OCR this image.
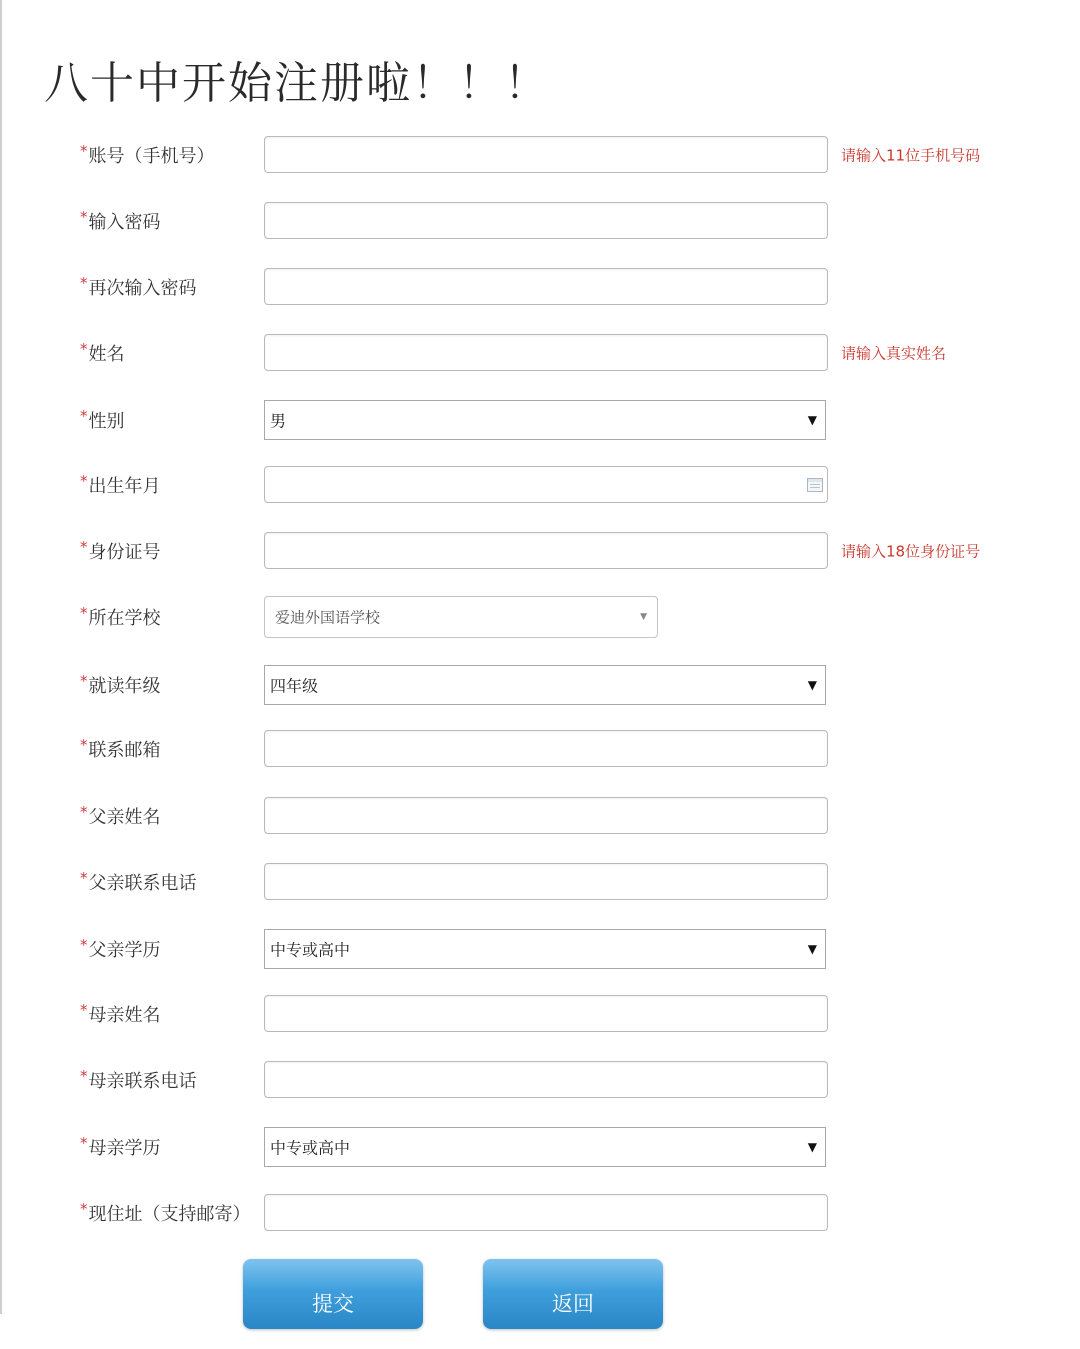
八十中开始注册啦！！！
*账号（手机号）	请输入11位手机号码
*输入密码
*再次输入密码
*姓名	请输入真实姓名
*性别	男	▼
*出生年月
*身份证号	请输入18位身份证号
*所在学校	爱迪外国语学校	▼
*就读年级	四年级	▼
*联系邮箱
*父亲姓名
*父亲联系电话
*父亲学历	中专或高中	▼
*母亲姓名
*母亲联系电话
*母亲学历	中专或高中	▼
*现住址（支持邮寄）
提交	返回
